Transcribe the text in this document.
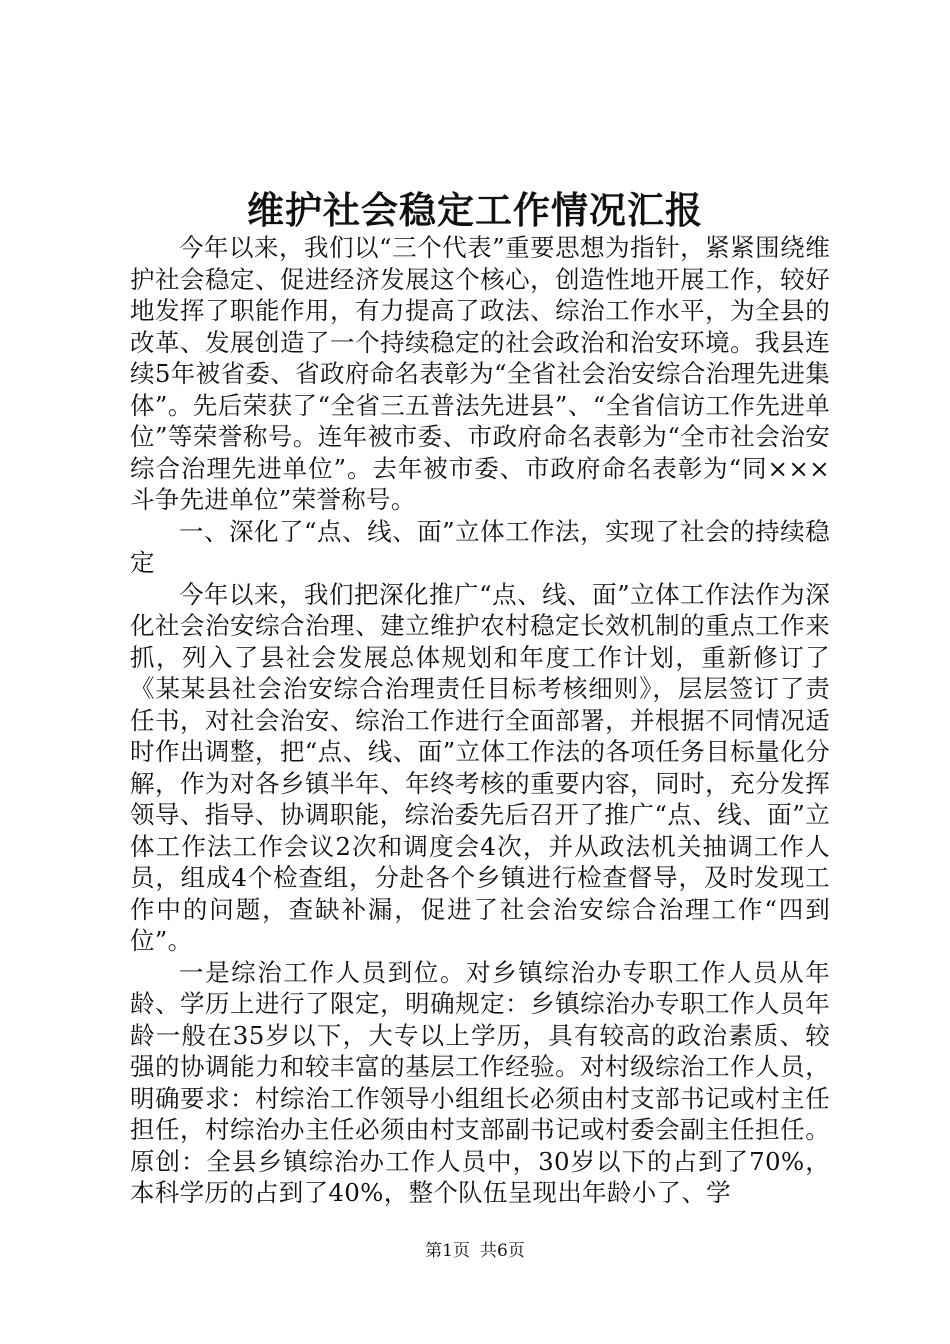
维护社会稳定工作情况汇报

今年以来，我们以“三个代表”重要思想为指针，紧紧围绕维护社会稳定、促进经济发展这个核心，创造性地开展工作，较好地发挥了职能作用，有力提高了政法、综治工作水平，为全县的改革、发展创造了一个持续稳定的社会政治和治安环境。我县连续5年被省委、省政府命名表彰为“全省社会治安综合治理先进集体”。先后荣获了“全省三五普法先进县”、“全省信访工作先进单位”等荣誉称号。连年被市委、市政府命名表彰为“全市社会治安综合治理先进单位”。去年被市委、市政府命名表彰为“同×××斗争先进单位”荣誉称号。

一、深化了“点、线、面”立体工作法，实现了社会的持续稳定

今年以来，我们把深化推广“点、线、面”立体工作法作为深化社会治安综合治理、建立维护农村稳定长效机制的重点工作来抓，列入了县社会发展总体规划和年度工作计划，重新修订了《某某县社会治安综合治理责任目标考核细则》，层层签订了责任书，对社会治安、综治工作进行全面部署，并根据不同情况适时作出调整，把“点、线、面”立体工作法的各项任务目标量化分解，作为对各乡镇半年、年终考核的重要内容，同时，充分发挥领导、指导、协调职能，综治委先后召开了推广“点、线、面”立体工作法工作会议2次和调度会4次，并从政法机关抽调工作人员，组成4个检查组，分赴各个乡镇进行检查督导，及时发现工作中的问题，查缺补漏，促进了社会治安综合治理工作“四到位”。

一是综治工作人员到位。对乡镇综治办专职工作人员从年龄、学历上进行了限定，明确规定：乡镇综治办专职工作人员年龄一般在35岁以下，大专以上学历，具有较高的政治素质、较强的协调能力和较丰富的基层工作经验。对村级综治工作人员，明确要求：村综治工作领导小组组长必须由村支部书记或村主任担任，村综治办主任必须由村支部副书记或村委会副主任担任。原创：全县乡镇综治办工作人员中，30岁以下的占到了70%，本科学历的占到了40%，整个队伍呈现出年龄小了、学

第1页 共6页
